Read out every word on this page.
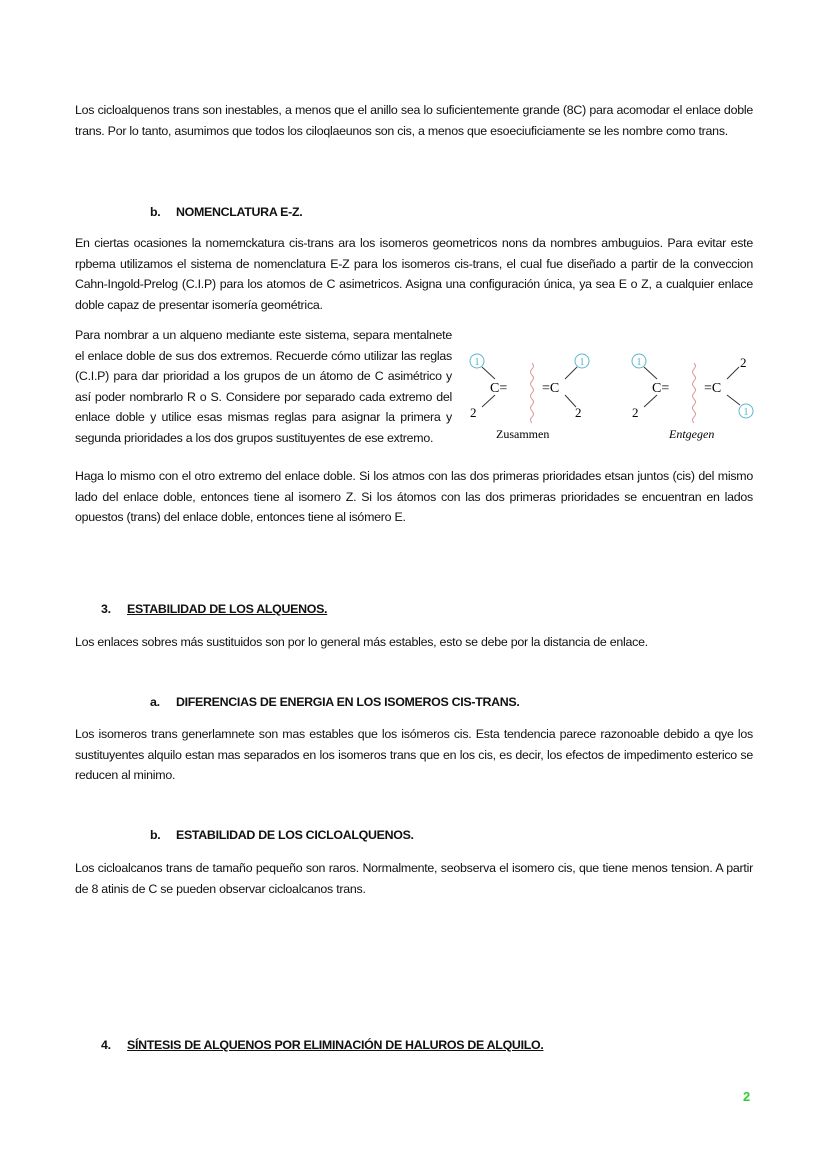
Los cicloalquenos trans son inestables, a menos que el anillo sea lo suficientemente grande (8C) para acomodar el enlace doble trans. Por lo tanto, asumimos que todos los ciloqlaeunos son cis, a menos que esoeciuficiamente se les nombre como trans.
b. NOMENCLATURA E-Z.
En ciertas ocasiones la nomemckatura cis-trans ara los isomeros geometricos nons da nombres ambuguios. Para evitar este rpbema utilizamos el sistema de nomenclatura E-Z para los isomeros cis-trans, el cual fue diseñado a partir de la conveccion Cahn-Ingold-Prelog (C.I.P) para los atomos de C asimetricos. Asigna una configuración única, ya sea E o Z, a cualquier enlace doble capaz de presentar isomería geométrica.
Para nombrar a un alqueno mediante este sistema, separa mentalnete el enlace doble de sus dos extremos. Recuerde cómo utilizar las reglas (C.I.P) para dar prioridad a los grupos de un átomo de C asimétrico y así poder nombrarlo R o S. Considere por separado cada extremo del enlace doble y utilice esas mismas reglas para asignar la primera y segunda prioridades a los dos grupos sustituyentes de ese extremo.
1
C=
2
=C
1
2
Zusammen
1
C=
2
=C
2
1
Entgegen
Haga lo mismo con el otro extremo del enlace doble. Si los atmos con las dos primeras prioridades etsan juntos (cis) del mismo lado del enlace doble, entonces tiene al isomero Z. Si los átomos con las dos primeras prioridades se encuentran en lados opuestos (trans) del enlace doble, entonces tiene al isómero E.
3. ESTABILIDAD DE LOS ALQUENOS.
Los enlaces sobres más sustituidos son por lo general más estables, esto se debe por la distancia de enlace.
a. DIFERENCIAS DE ENERGIA EN LOS ISOMEROS CIS-TRANS.
Los isomeros trans generlamnete son mas estables que los isómeros cis. Esta tendencia parece razonoable debido a qye los sustituyentes alquilo estan mas separados en los isomeros trans que en los cis, es decir, los efectos de impedimento esterico se reducen al minimo.
b. ESTABILIDAD DE LOS CICLOALQUENOS.
Los cicloalcanos trans de tamaño pequeño son raros. Normalmente, seobserva el isomero cis, que tiene menos tension. A partir de 8 atinis de C se pueden observar cicloalcanos trans.
4. SÍNTESIS DE ALQUENOS POR ELIMINACIÓN DE HALUROS DE ALQUILO.
2
